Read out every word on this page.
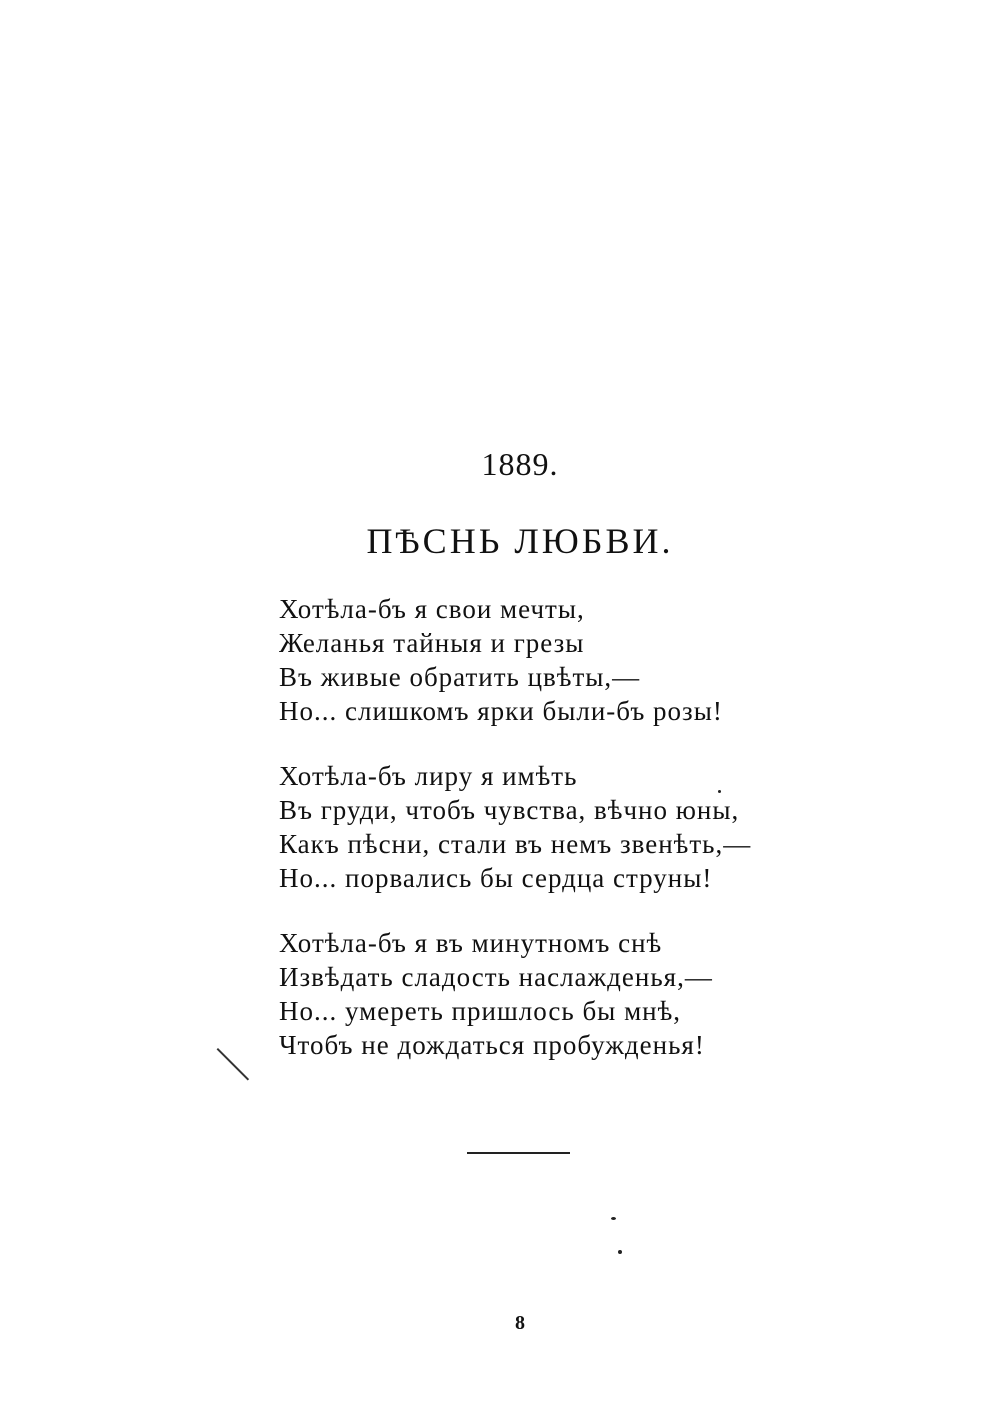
1889.
ПѢСНЬ ЛЮБВИ.
Хотѣла-бъ я свои мечты,
Желанья тайныя и грезы
Въ живые обратить цвѣты,—
Но... слишкомъ ярки были-бъ розы!
Хотѣла-бъ лиру я имѣть
Въ груди, чтобъ чувства, вѣчно юны,
Какъ пѣсни, стали въ немъ звенѣть,—
Но... порвались бы сердца струны!
Хотѣла-бъ я въ минутномъ снѣ
Извѣдать сладость наслажденья,—
Но... умереть пришлось бы мнѣ,
Чтобъ не дождаться пробужденья!
8
